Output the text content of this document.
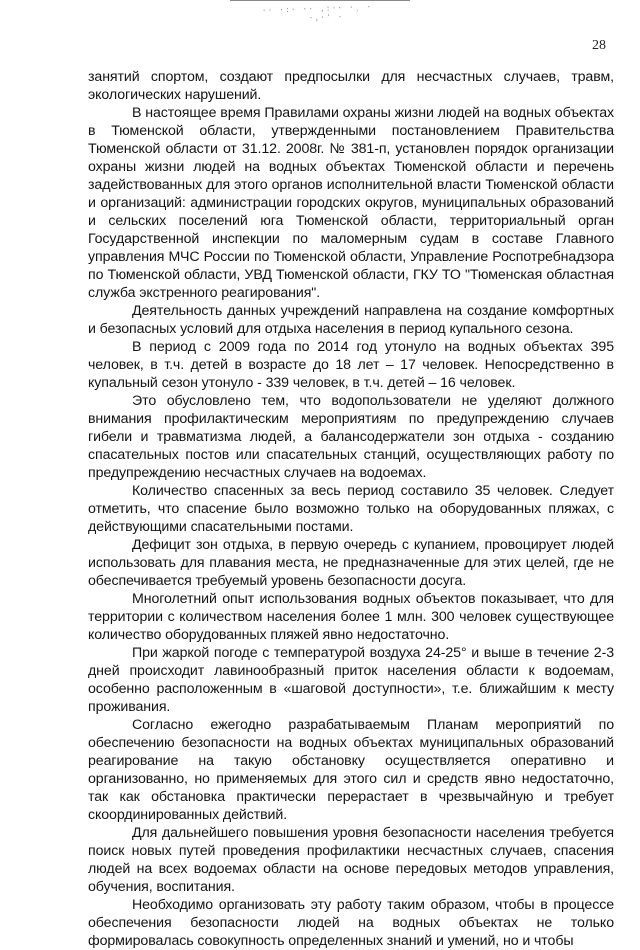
·· ·:· ·· ,:·· ·¸ ·
·,·' ·
28

занятий спортом, создают предпосылки для несчастных случаев, травм, экологических нарушений.

В настоящее время Правилами охраны жизни людей на водных объектах в Тюменской области, утвержденными постановлением Правительства Тюменской области от 31.12. 2008г. № 381-п, установлен порядок организации охраны жизни людей на водных объектах Тюменской области и перечень задействованных для этого органов исполнительной власти Тюменской области и организаций: администрации городских округов, муниципальных образований и сельских поселений юга Тюменской области, территориальный орган Государственной инспекции по маломерным судам в составе Главного управления МЧС России по Тюменской области, Управление Роспотребнадзора по Тюменской области, УВД Тюменской области, ГКУ ТО "Тюменская областная служба экстренного реагирования".

Деятельность данных учреждений направлена на создание комфортных и безопасных условий для отдыха населения в период купального сезона.

В период с 2009 года по 2014 год утонуло на водных объектах 395 человек, в т.ч. детей в возрасте до 18 лет – 17 человек. Непосредственно в купальный сезон утонуло - 339 человек, в т.ч. детей – 16 человек.

Это обусловлено тем, что водопользователи не уделяют должного внимания профилактическим мероприятиям по предупреждению случаев гибели и травматизма людей, а балансодержатели зон отдыха - созданию спасательных постов или спасательных станций, осуществляющих работу по предупреждению несчастных случаев на водоемах.

Количество спасенных за весь период составило 35 человек. Следует отметить, что спасение было возможно только на оборудованных пляжах, с действующими спасательными постами.

Дефицит зон отдыха, в первую очередь с купанием, провоцирует людей использовать для плавания места, не предназначенные для этих целей, где не обеспечивается требуемый уровень безопасности досуга.

Многолетний опыт использования водных объектов показывает, что для территории с количеством населения более 1 млн. 300 человек существующее количество оборудованных пляжей явно недостаточно.

При жаркой погоде с температурой воздуха 24-25° и выше в течение 2-3 дней происходит лавинообразный приток населения области к водоемам, особенно расположенным в «шаговой доступности», т.е. ближайшим к месту проживания.

Согласно ежегодно разрабатываемым Планам мероприятий по обеспечению безопасности на водных объектах муниципальных образований реагирование на такую обстановку осуществляется оперативно и организованно, но применяемых для этого сил и средств явно недостаточно, так как обстановка практически перерастает в чрезвычайную и требует скоординированных действий.

Для дальнейшего повышения уровня безопасности населения требуется поиск новых путей проведения профилактики несчастных случаев, спасения людей на всех водоемах области на основе передовых методов управления, обучения, воспитания.

Необходимо организовать эту работу таким образом, чтобы в процессе обеспечения безопасности людей на водных объектах не только формировалась совокупность определенных знаний и умений, но и чтобы
